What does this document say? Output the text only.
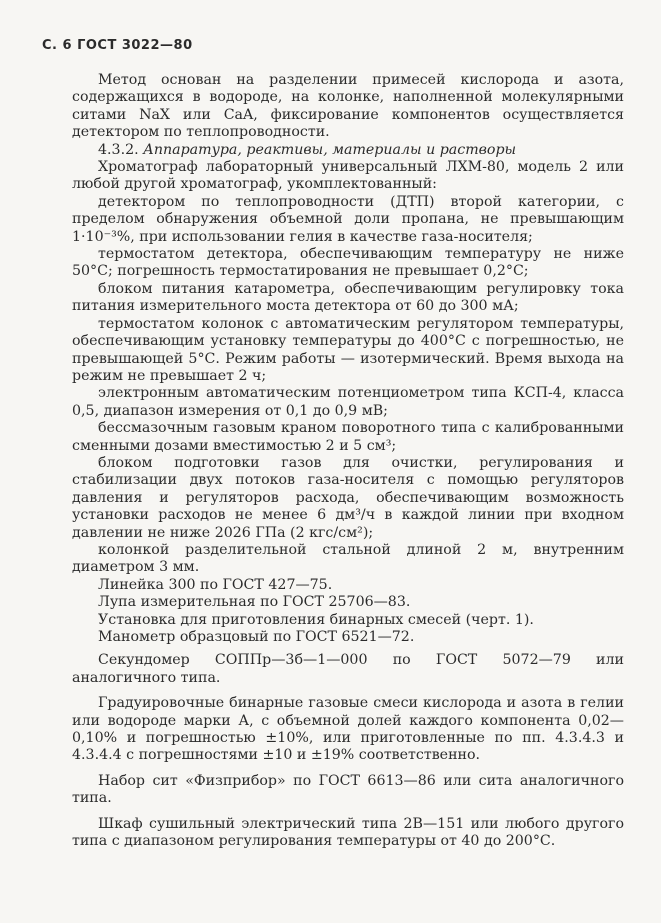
С. 6 ГОСТ 3022—80

Метод основан на разделении примесей кислорода и азота, содержащихся в водороде, на колонке, наполненной молекулярными ситами NaX или CaA, фиксирование компонентов осуществляется детектором по теплопроводности.

4.3.2. Аппаратура, реактивы, материалы и растворы

Хроматограф лабораторный универсальный ЛХМ-80, модель 2 или любой другой хроматограф, укомплектованный:

детектором по теплопроводности (ДТП) второй категории, с пределом обнаружения объемной доли пропана, не превышающим 1·10⁻³%, при использовании гелия в качестве газа-носителя;

термостатом детектора, обеспечивающим температуру не ниже 50°C; погрешность термостатирования не превышает 0,2°C;

блоком питания катарометра, обеспечивающим регулировку тока питания измерительного моста детектора от 60 до 300 мА;

термостатом колонок с автоматическим регулятором температуры, обеспечивающим установку температуры до 400°С с погрешностью, не превышающей 5°С. Режим работы — изотермический. Время выхода на режим не превышает 2 ч;

электронным автоматическим потенциометром типа КСП-4, класса 0,5, диапазон измерения от 0,1 до 0,9 мВ;

бессмазочным газовым краном поворотного типа с калиброванными сменными дозами вместимостью 2 и 5 см³;

блоком подготовки газов для очистки, регулирования и стабилизации двух потоков газа-носителя с помощью регуляторов давления и регуляторов расхода, обеспечивающим возможность установки расходов не менее 6 дм³/ч в каждой линии при входном давлении не ниже 2026 ГПа (2 кгс/см²);

колонкой разделительной стальной длиной 2 м, внутренним диаметром 3 мм.

Линейка 300 по ГОСТ 427—75.

Лупа измерительная по ГОСТ 25706—83.

Установка для приготовления бинарных смесей (черт. 1).

Манометр образцовый по ГОСТ 6521—72.

Секундомер СОППр—3б—1—000 по ГОСТ 5072—79 или аналогичного типа.

Градуировочные бинарные газовые смеси кислорода и азота в гелии или водороде марки А, с объемной долей каждого компонента 0,02—0,10% и погрешностью ±10%, или приготовленные по пп. 4.3.4.3 и 4.3.4.4 с погрешностями ±10 и ±19% соответственно.

Набор сит «Физприбор» по ГОСТ 6613—86 или сита аналогичного типа.

Шкаф сушильный электрический типа 2В—151 или любого другого типа с диапазоном регулирования температуры от 40 до 200°С.
